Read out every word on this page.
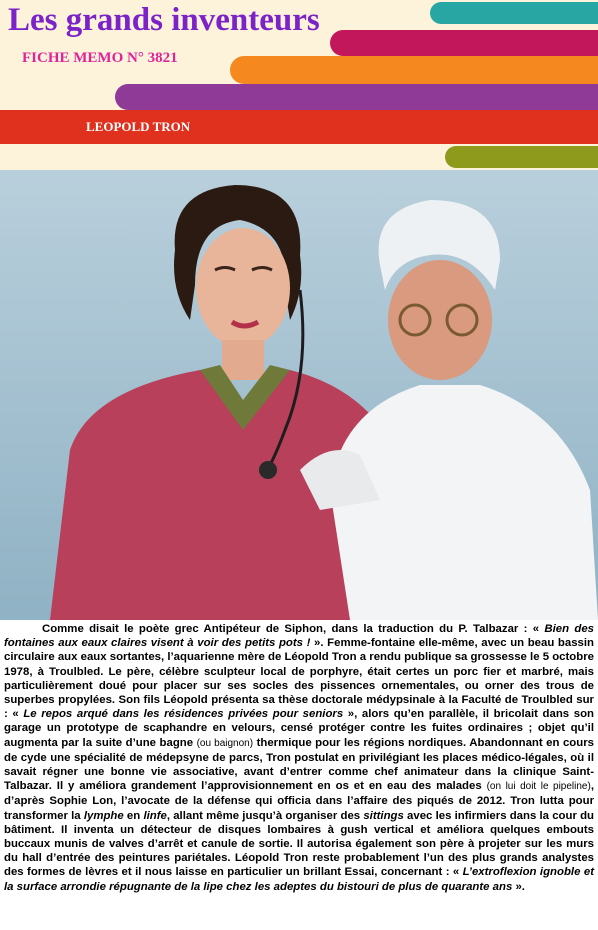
Les grands inventeurs
FICHE MEMO N° 3821
LEOPOLD TRON

Comme disait le poète grec Antipéteur de Siphon, dans la traduction du P. Talbazar : « Bien des fontaines aux eaux claires visent à voir des petits pots ! ». Femme-fontaine elle-même, avec un beau bassin circulaire aux eaux sortantes, l’aquarienne mère de Léopold Tron a rendu publique sa grossesse le 5 octobre 1978, à Troulbled. Le père, célèbre sculpteur local de porphyre, était certes un porc fier et marbré, mais particulièrement doué pour placer sur ses socles des pissences ornementales, ou orner des trous de superbes propylées. Son fils Léopold présenta sa thèse doctorale médypsinale à la Faculté de Troulbled sur : « Le repos arqué dans les résidences privées pour seniors », alors qu’en parallèle, il bricolait dans son garage un prototype de scaphandre en velours, censé protéger contre les fuites ordinaires ; objet qu’il augmenta par la suite d’une bagne (ou baignon) thermique pour les régions nordiques. Abandonnant en cours de cyde une spécialité de médepsyne de parcs, Tron postulat en privilégiant les places médico-légales, où il savait régner une bonne vie associative, avant d’entrer comme chef animateur dans la clinique Saint-Talbazar. Il y améliora grandement l’approvisionnement en os et en eau des malades (on lui doit le pipeline), d’après Sophie Lon, l’avocate de la défense qui officia dans l’affaire des piqués de 2012. Tron lutta pour transformer la lymphe en linfe, allant même jusqu’à organiser des sittings avec les infirmiers dans la cour du bâtiment. Il inventa un détecteur de disques lombaires à gush vertical et améliora quelques embouts buccaux munis de valves d’arrêt et canule de sortie. Il autorisa également son père à projeter sur les murs du hall d’entrée des peintures pariétales. Léopold Tron reste probablement l’un des plus grands analystes des formes de lèvres et il nous laisse en particulier un brillant Essai, concernant : « L’extroflexion ignoble et la surface arrondie répugnante de la lipe chez les adeptes du bistouri de plus de quarante ans ».
